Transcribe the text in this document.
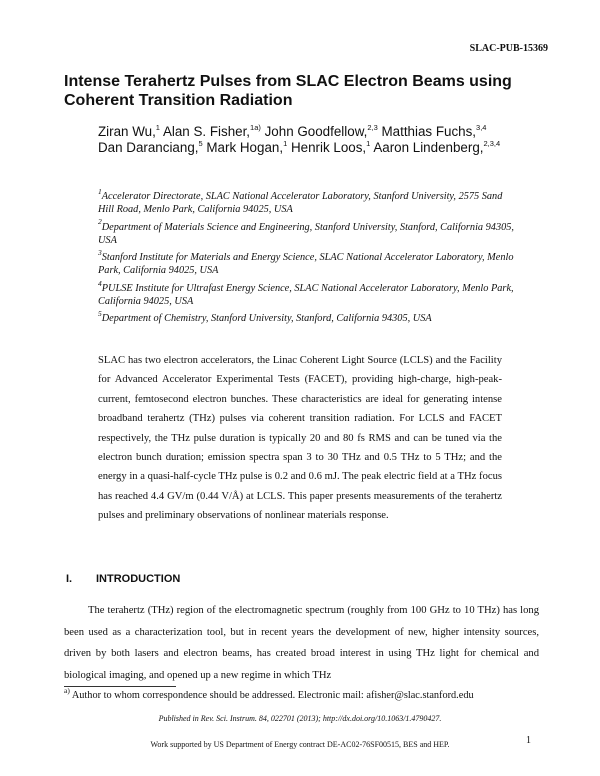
SLAC-PUB-15369
Intense Terahertz Pulses from SLAC Electron Beams using Coherent Transition Radiation
Ziran Wu,$^1$ Alan S. Fisher,$^{1a)}$ John Goodfellow,$^{2,3}$ Matthias Fuchs,$^{3,4}$ Dan Daranciang,$^5$ Mark Hogan,$^1$ Henrik Loos,$^1$ Aaron Lindenberg,$^{2,3,4}$
$^1$Accelerator Directorate, SLAC National Accelerator Laboratory, Stanford University, 2575 Sand Hill Road, Menlo Park, California 94025, USA
$^2$Department of Materials Science and Engineering, Stanford University, Stanford, California 94305, USA
$^3$Stanford Institute for Materials and Energy Science, SLAC National Accelerator Laboratory, Menlo Park, California 94025, USA
$^4$PULSE Institute for Ultrafast Energy Science, SLAC National Accelerator Laboratory, Menlo Park, California 94025, USA
$^5$Department of Chemistry, Stanford University, Stanford, California 94305, USA
SLAC has two electron accelerators, the Linac Coherent Light Source (LCLS) and the Facility for Advanced Accelerator Experimental Tests (FACET), providing high-charge, high-peak-current, femtosecond electron bunches. These characteristics are ideal for generating intense broadband terahertz (THz) pulses via coherent transition radiation. For LCLS and FACET respectively, the THz pulse duration is typically 20 and 80 fs RMS and can be tuned via the electron bunch duration; emission spectra span 3 to 30 THz and 0.5 THz to 5 THz; and the energy in a quasi-half-cycle THz pulse is 0.2 and 0.6 mJ. The peak electric field at a THz focus has reached 4.4 GV/m (0.44 V/Å) at LCLS. This paper presents measurements of the terahertz pulses and preliminary observations of nonlinear materials response.
I. INTRODUCTION
The terahertz (THz) region of the electromagnetic spectrum (roughly from 100 GHz to 10 THz) has long been used as a characterization tool, but in recent years the development of new, higher intensity sources, driven by both lasers and electron beams, has created broad interest in using THz light for chemical and biological imaging, and opened up a new regime in which THz
$^{a)}$ Author to whom correspondence should be addressed. Electronic mail: afisher@slac.stanford.edu
Published in Rev. Sci. Instrum. 84, 022701 (2013); http://dx.doi.org/10.1063/1.4790427.
1
Work supported by US Department of Energy contract DE-AC02-76SF00515, BES and HEP.
